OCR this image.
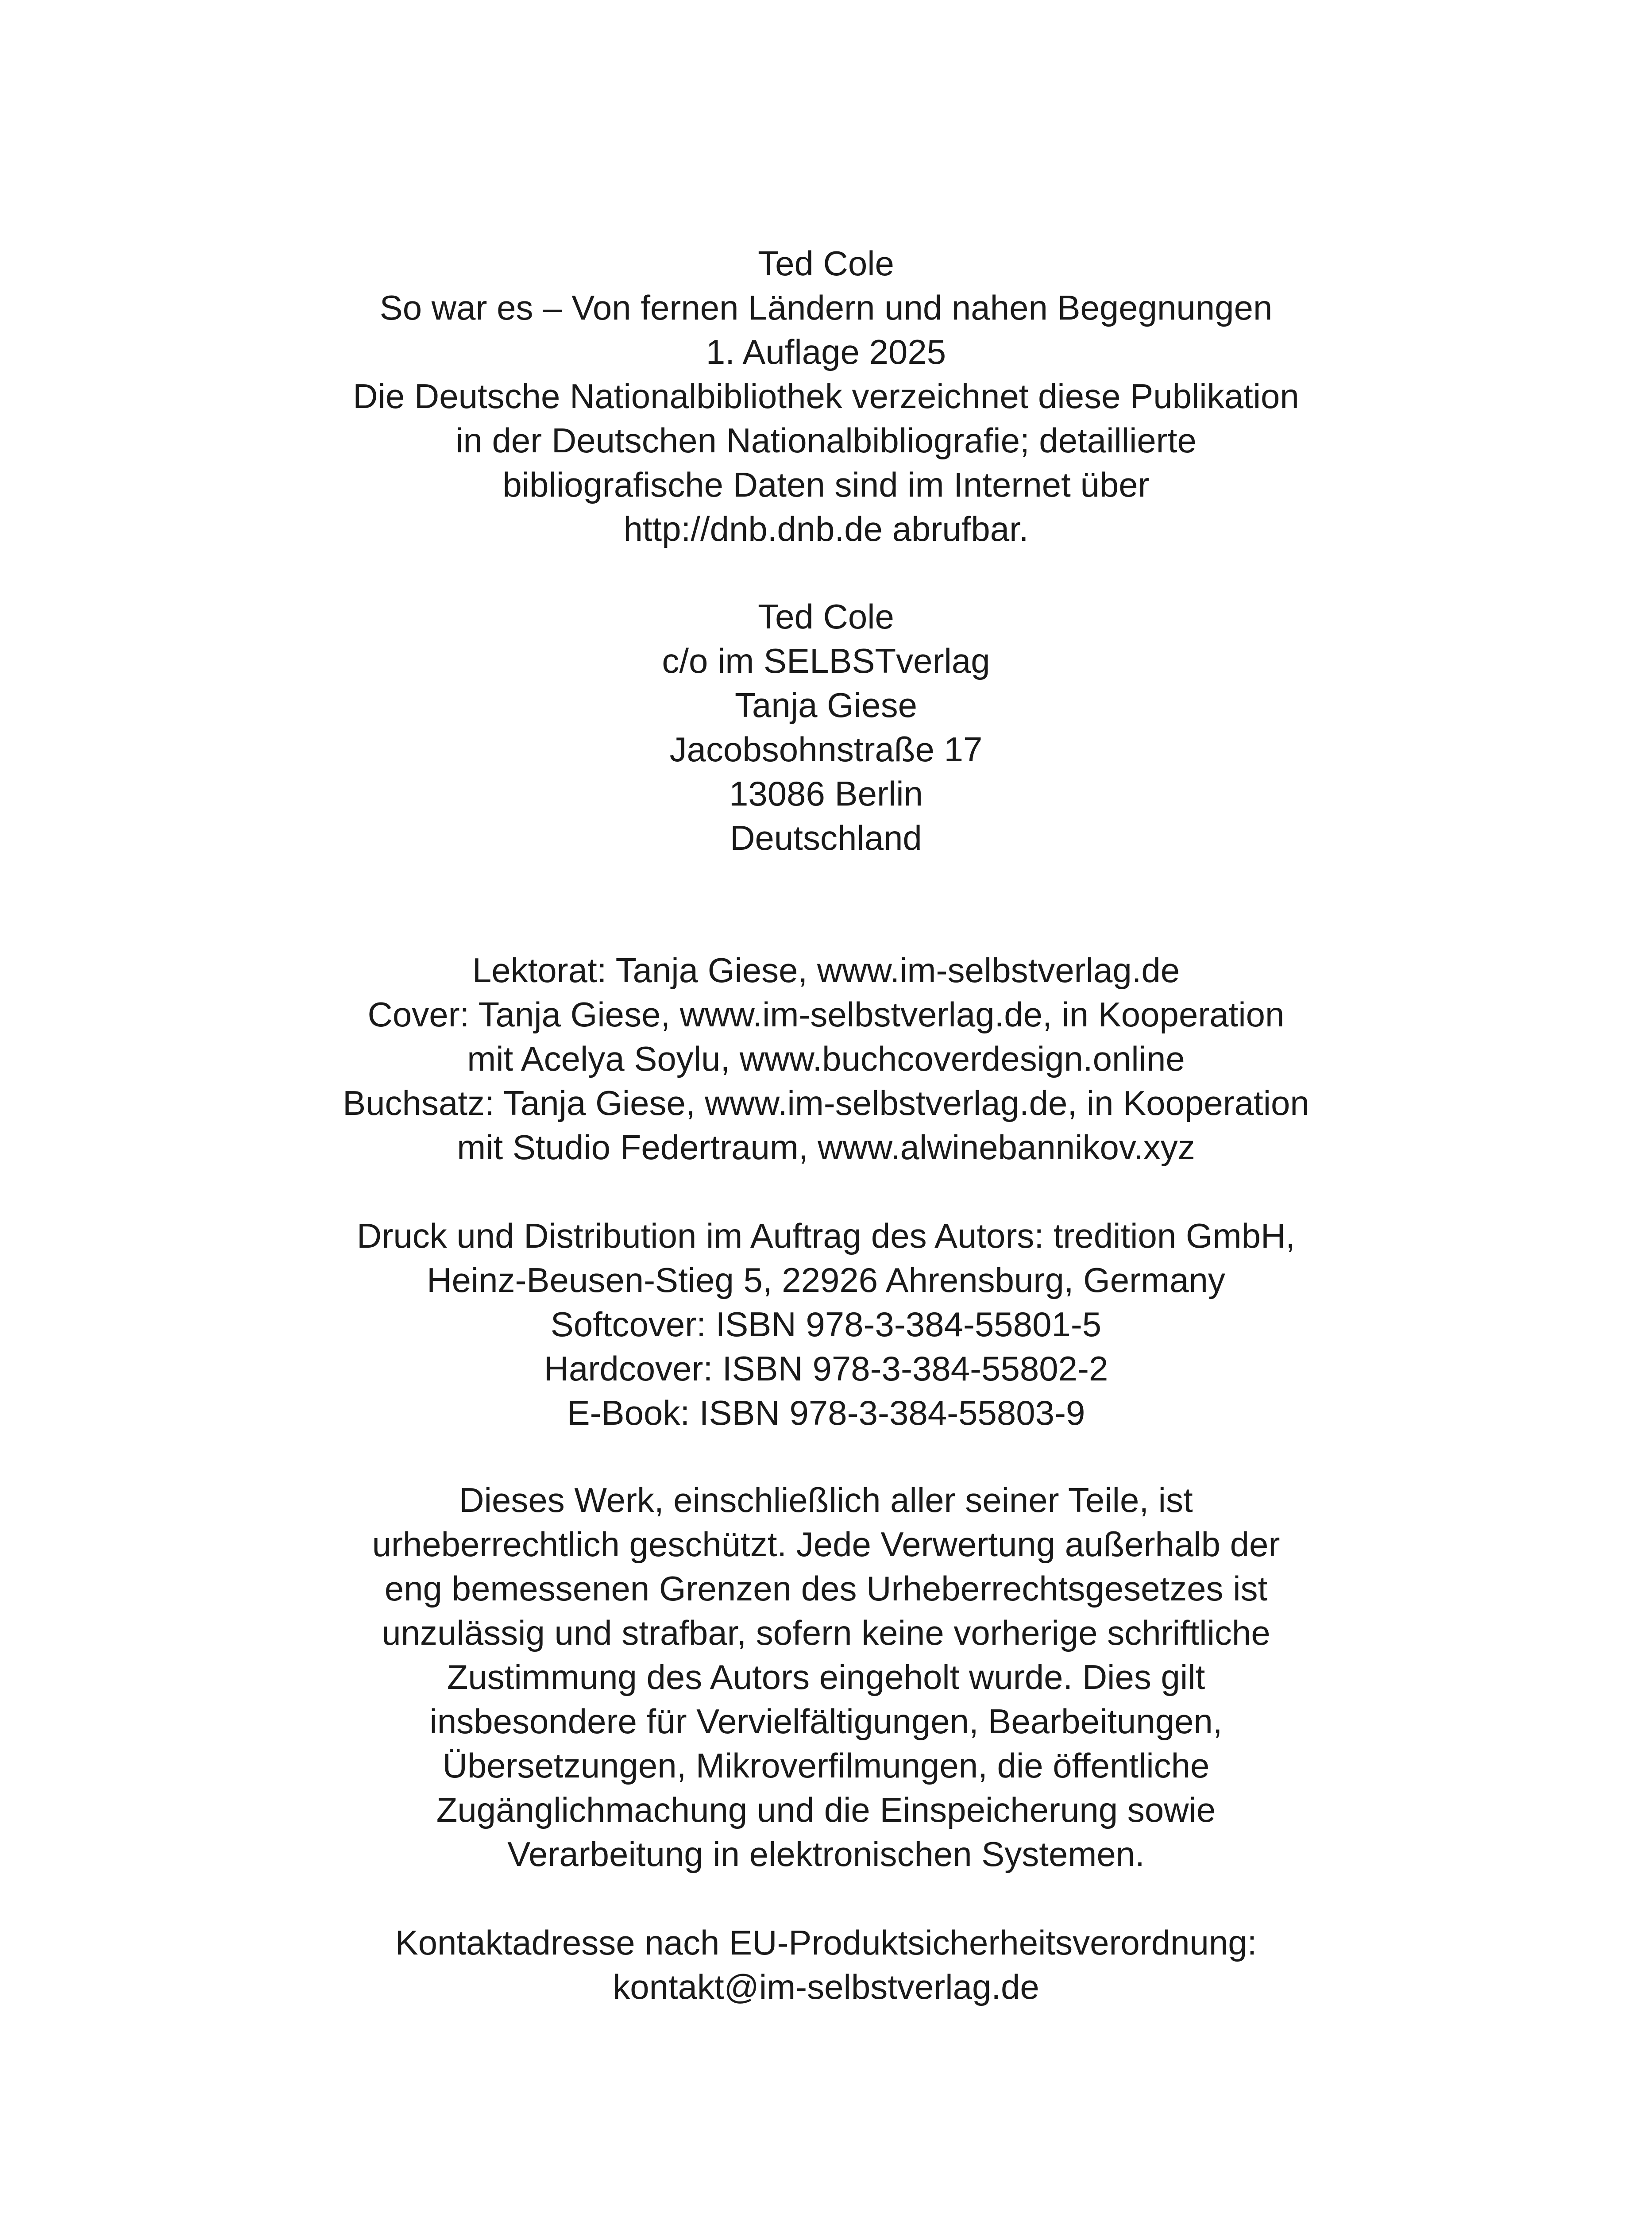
Ted Cole
So war es – Von fernen Ländern und nahen Begegnungen
1. Auflage 2025
Die Deutsche Nationalbibliothek verzeichnet diese Publikation
in der Deutschen Nationalbibliografie; detaillierte
bibliografische Daten sind im Internet über
http://dnb.dnb.de abrufbar.
Ted Cole
c/o im SELBSTverlag
Tanja Giese
Jacobsohnstraße 17
13086 Berlin
Deutschland
Lektorat: Tanja Giese, www.im-selbstverlag.de
Cover: Tanja Giese, www.im-selbstverlag.de, in Kooperation
mit Acelya Soylu, www.buchcoverdesign.online
Buchsatz: Tanja Giese, www.im-selbstverlag.de, in Kooperation
mit Studio Federtraum, www.alwinebannikov.xyz
Druck und Distribution im Auftrag des Autors: tredition GmbH,
Heinz-Beusen-Stieg 5, 22926 Ahrensburg, Germany
Softcover: ISBN 978-3-384-55801-5
Hardcover: ISBN 978-3-384-55802-2
E-Book: ISBN 978-3-384-55803-9
Dieses Werk, einschließlich aller seiner Teile, ist
urheberrechtlich geschützt. Jede Verwertung außerhalb der
eng bemessenen Grenzen des Urheberrechtsgesetzes ist
unzulässig und strafbar, sofern keine vorherige schriftliche
Zustimmung des Autors eingeholt wurde. Dies gilt
insbesondere für Vervielfältigungen, Bearbeitungen,
Übersetzungen, Mikroverfilmungen, die öffentliche
Zugänglichmachung und die Einspeicherung sowie
Verarbeitung in elektronischen Systemen.
Kontaktadresse nach EU-Produktsicherheitsverordnung:
kontakt@im-selbstverlag.de
